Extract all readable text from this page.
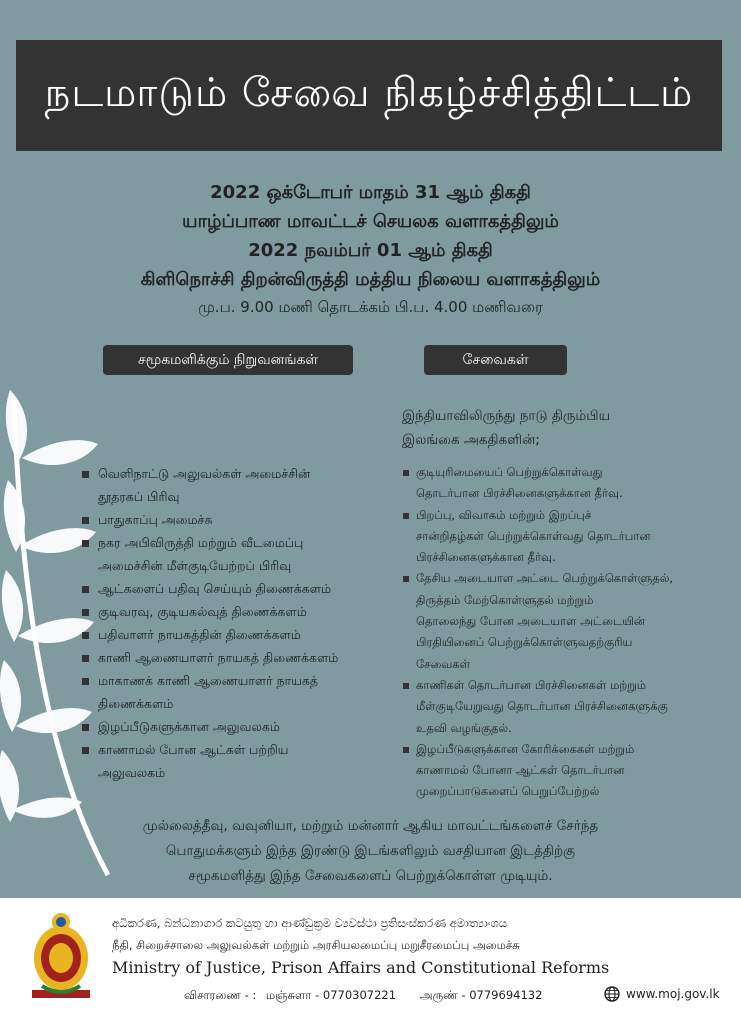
நடமாடும் சேவை நிகழ்ச்சித்திட்டம்
2022 ஒக்டோபர் மாதம் 31 ஆம் திகதி
யாழ்ப்பாண மாவட்டச் செயலக வளாகத்திலும்
2022 நவம்பர் 01 ஆம் திகதி
கிளிநொச்சி திறன்விருத்தி மத்திய நிலைய வளாகத்திலும்
மு.ப. 9.00 மணி தொடக்கம் பி.ப. 4.00 மணிவரை
சமூகமளிக்கும் நிறுவனங்கள்	சேவைகள்
வெளிநாட்டு அலுவல்கள் அமைச்சின்
தூதரகப் பிரிவு
பாதுகாப்பு அமைச்சு
நகர அபிவிருத்தி மற்றும் வீடமைப்பு
அமைச்சின் மீள்குடியேற்றப் பிரிவு
ஆட்களைப் பதிவு செய்யும் திணைக்களம்
குடிவரவு, குடியகல்வுத் திணைக்களம்
பதிவாளர் நாயகத்தின் திணைக்களம்
காணி ஆணையாளர் நாயகத் திணைக்களம்
மாகாணக் காணி ஆணையாளர் நாயகத்
திணைக்களம்
இழப்பீடுகளுக்கான அலுவலகம்
காணாமல் போன ஆட்கள் பற்றிய
அலுவலகம்
இந்தியாவிலிருந்து நாடு திரும்பிய
இலங்கை அகதிகளின்;
குடியுரிமையைப் பெற்றுக்கொள்வது
தொடர்பான பிரச்சினைகளுக்கான தீர்வு.
பிறப்பு, விவாகம் மற்றும் இறப்புச்
சான்றிதழ்கள் பெற்றுக்கொள்வது தொடர்பான
பிரச்சினைகளுக்கான தீர்வு.
தேசிய அடையாள அட்டை பெற்றுக்கொள்ளுதல்,
திருத்தம் மேற்கொள்ளுதல் மற்றும்
தொலைந்து போன அடையாள அட்டையின்
பிரதியினைப் பெற்றுக்கொள்ளுவதற்குரிய
சேவைகள்
காணிகள் தொடர்பான பிரச்சினைகள் மற்றும்
மீள்குடியேறுவது தொடர்பான பிரச்சினைகளுக்கு
உதவி வழங்குதல்.
இழப்பீடுகளுக்கான கோரிக்கைகள் மற்றும்
காணாமல் போனா ஆட்கள் தொடர்பான
முறைப்பாடுகளைப் பெறுப்பேற்றல்
முல்லைத்தீவு, வவுனியா, மற்றும் மன்னார் ஆகிய மாவட்டங்களைச் சேர்ந்த
பொதுமக்களும் இந்த இரண்டு இடங்களிலும் வசதியான இடத்திற்கு
சமூகமளித்து இந்த சேவைகளைப் பெற்றுக்கொள்ள முடியும்.
අධිකරණ, බන්ධනාගාර කටයුතු හා ආණ්ඩුක්‍රම ව්‍යවස්ථා ප්‍රතිසංස්කරණ අමාත්‍යාංශය
நீதி, சிறைச்சாலை அலுவல்கள் மற்றும் அரசியலமைப்பு மறுசீரமைப்பு அமைச்சு
Ministry of Justice, Prison Affairs and Constitutional Reforms
விசாரணை - : மஞ்சுளா - 0770307221 அருண் - 0779694132	www.moj.gov.lk
